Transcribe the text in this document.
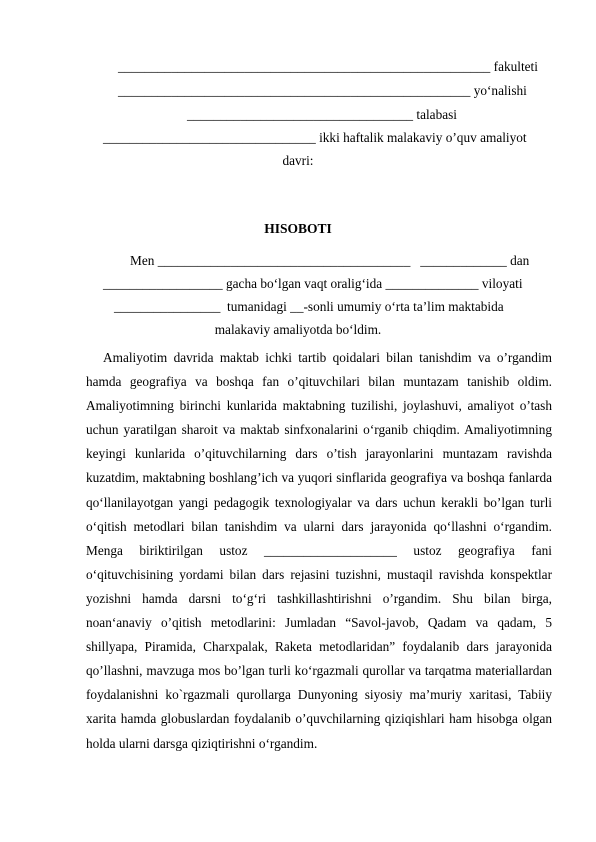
________________________________________________________ fakulteti
_____________________________________________________ yo‘nalishi
__________________________________ talabasi
________________________________ ikki haftalik malakaviy o’quv amaliyot
davri:
HISOBOTI
Men ______________________________________   _____________ dan
__________________ gacha bo‘lgan vaqt oralig‘ida ______________ viloyati
________________  tumanidagi __-sonli umumiy o‘rta ta’lim maktabida
malakaviy amaliyotda bo‘ldim.

Amaliyotim davrida maktab ichki tartib qoidalari bilan tanishdim va o’rgandim hamda geografiya va boshqa fan o’qituvchilari bilan muntazam tanishib oldim. Amaliyotimning birinchi kunlarida maktabning tuzilishi, joylashuvi, amaliyot o’tash uchun yaratilgan sharoit va maktab sinfxonalarini o‘rganib chiqdim. Amaliyotimning keyingi kunlarida o’qituvchilarning dars o’tish jarayonlarini muntazam ravishda kuzatdim, maktabning boshlang’ich va yuqori sinflarida geografiya va boshqa fanlarda qo‘llanilayotgan yangi pedagogik texnologiyalar va dars uchun kerakli bo’lgan turli o‘qitish metodlari bilan tanishdim va ularni dars jarayonida qo‘llashni o‘rgandim. Menga biriktirilgan ustoz ____________________ ustoz geografiya fani o‘qituvchisining yordami bilan dars rejasini tuzishni, mustaqil ravishda konspektlar yozishni hamda darsni to‘g‘ri tashkillashtirishni o’rgandim. Shu bilan birga, noan‘anaviy o’qitish metodlarini: Jumladan “Savol-javob, Qadam va qadam, 5 shillyapa, Piramida, Charxpalak, Raketa metodlaridan” foydalanib dars jarayonida qo’llashni, mavzuga mos bo’lgan turli ko‘rgazmali qurollar va tarqatma materiallardan foydalanishni ko`rgazmali qurollarga Dunyoning siyosiy ma’muriy xaritasi, Tabiiy xarita hamda globuslardan foydalanib o’quvchilarning qiziqishlari ham hisobga olgan holda ularni darsga qiziqtirishni o‘rgandim.
